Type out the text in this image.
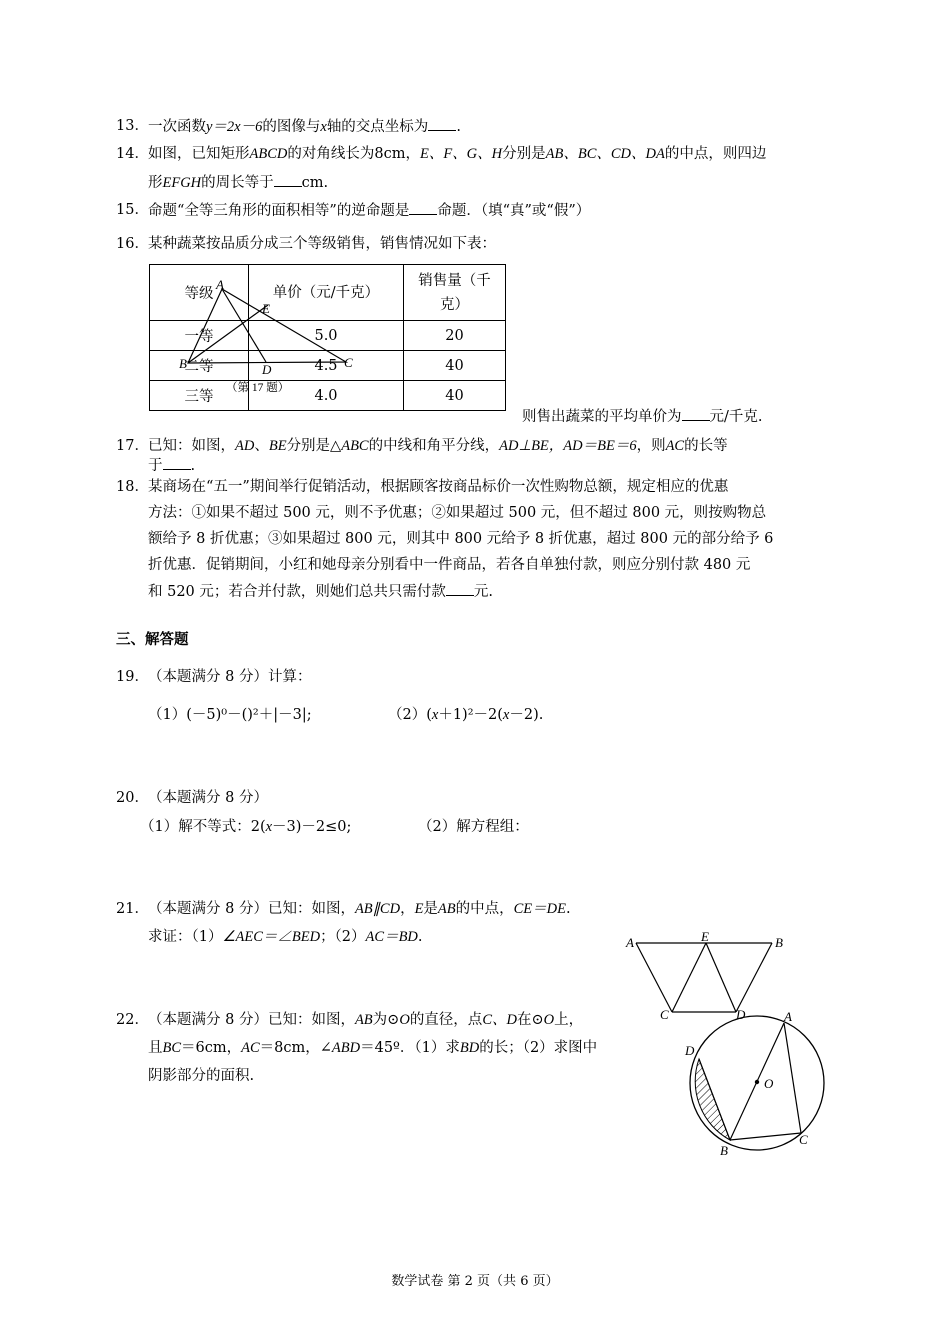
13． 一次函数y＝2x－6的图像与x轴的交点坐标为 .
14． 如图，已知矩形ABCD的对角线长为8cm，E、F、G、H分别是AB、BC、CD、DA的中点，则四边
形EFGH的周长等于 cm.
15． 命题“全等三角形的面积相等”的逆命题是 命题．（填“真”或“假”）
16． 某种蔬菜按品质分成三个等级销售，销售情况如下表：
等级	单价（元/千克）	销售量（千克）
一等	5.0	20
二等	4.5	40
三等	4.0	40
A
B	C
D
E
（第 17 题）
则售出蔬菜的平均单价为 元/千克.
17． 已知：如图，AD、BE分别是△ABC的中线和角平分线，AD⊥BE，AD＝BE＝6，则AC的长等
于 .
18． 某商场在“五一”期间举行促销活动，根据顾客按商品标价一次性购物总额，规定相应的优惠
方法：①如果不超过 500 元，则不予优惠；②如果超过 500 元，但不超过 800 元，则按购物总
额给予 8 折优惠；③如果超过 800 元，则其中 800 元给予 8 折优惠，超过 800 元的部分给予 6
折优惠．促销期间，小红和她母亲分别看中一件商品，若各自单独付款，则应分别付款 480 元
和 520 元；若合并付款，则她们总共只需付款 元.
三、解答题
19． （本题满分 8 分）计算：
（1）(－5)⁰－()²＋|－3|;	（2）(x＋1)²－2(x－2).
20． （本题满分 8 分）
（1）解不等式：2(x－3)－2≤0;	（2）解方程组：
21． （本题满分 8 分）已知：如图，AB∥CD，E是AB的中点，CE＝DE.
求证：（1）∠AEC＝∠BED；（2）AC＝BD.	A	E	B
C	D
22． （本题满分 8 分）已知：如图，AB为⊙O的直径，点C、D在⊙O上，
且BC＝6cm，AC＝8cm，∠ABD＝45º．（1）求BD的长；（2）求图中
阴影部分的面积.
A
B
C
D
O
数学试卷 第 2 页（共 6 页）
